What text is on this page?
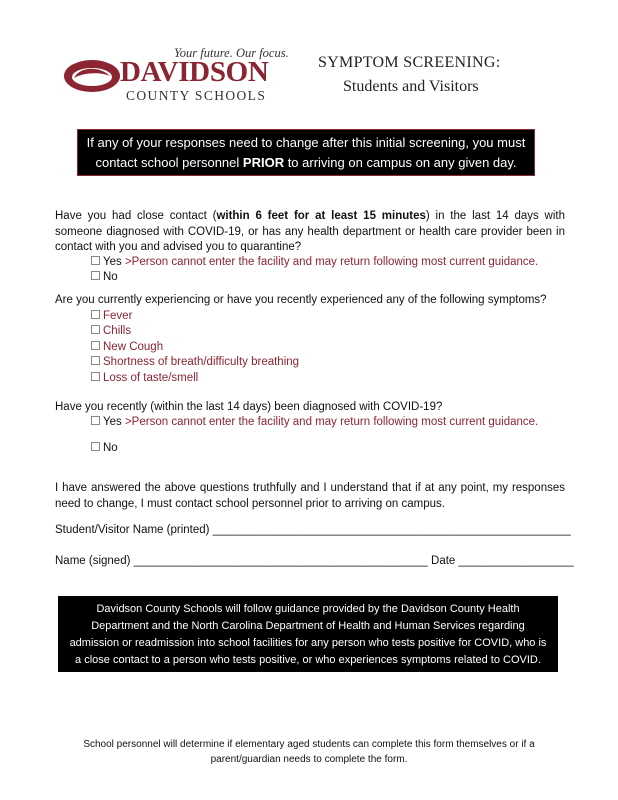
Your future. Our focus.
DAVIDSON
COUNTY SCHOOLS
SYMPTOM SCREENING:
Students and Visitors
If any of your responses need to change after this initial screening, you must
contact school personnel PRIOR to arriving on campus on any given day.
Have you had close contact (within 6 feet for at least 15 minutes) in the last 14 days with someone diagnosed with COVID-19, or has any health department or health care provider been in contact with you and advised you to quarantine?
Yes >Person cannot enter the facility and may return following most current guidance.
No
Are you currently experiencing or have you recently experienced any of the following symptoms?
Fever
Chills
New Cough
Shortness of breath/difficulty breathing
Loss of taste/smell
Have you recently (within the last 14 days) been diagnosed with COVID-19?
Yes >Person cannot enter the facility and may return following most current guidance.
No
I have answered the above questions truthfully and I understand that if at any point, my responses need to change, I must contact school personnel prior to arriving on campus.
Student/Visitor Name (printed) ________________________________________________________
Name (signed) ______________________________________________ Date __________________
Davidson County Schools will follow guidance provided by the Davidson County Health
Department and the North Carolina Department of Health and Human Services regarding
admission or readmission into school facilities for any person who tests positive for COVID, who is
a close contact to a person who tests positive, or who experiences symptoms related to COVID.
School personnel will determine if elementary aged students can complete this form themselves or if a parent/guardian needs to complete the form.
